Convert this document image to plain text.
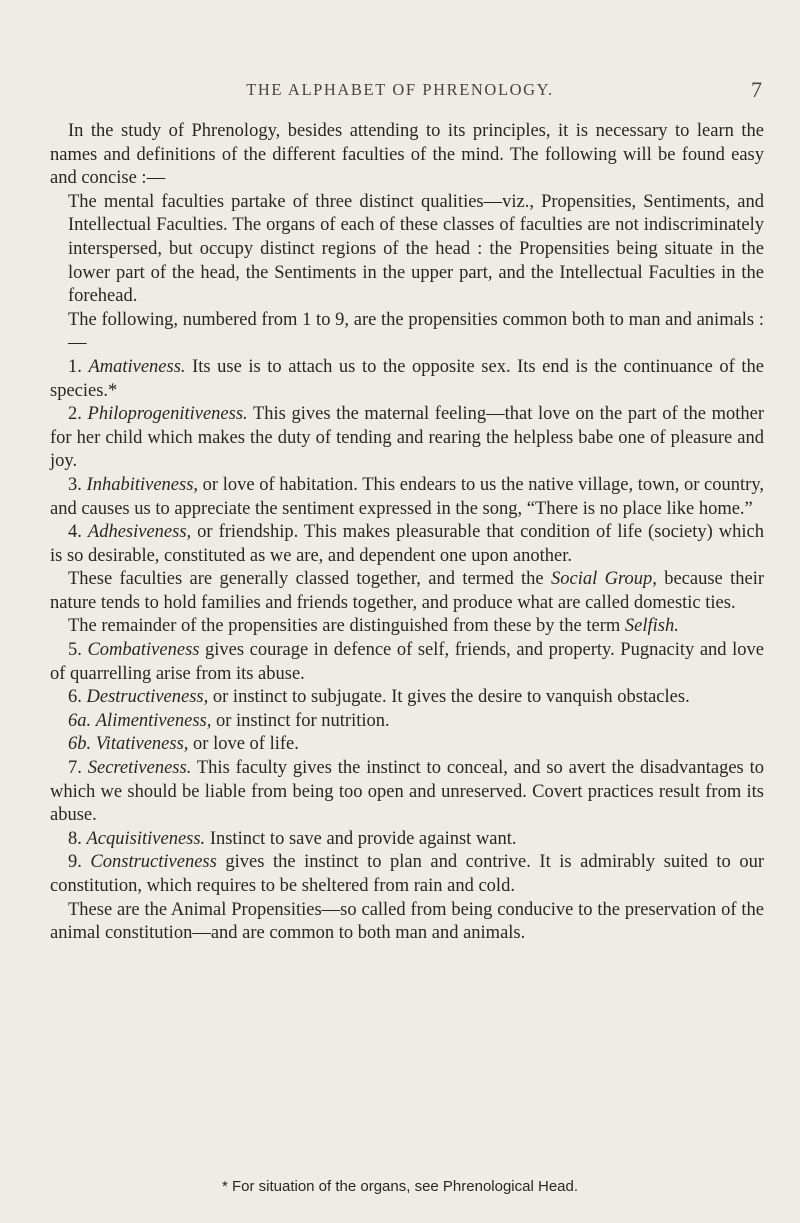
THE ALPHABET OF PHRENOLOGY.	7

In the study of Phrenology, besides attending to its principles, it is necessary to learn the names and definitions of the different faculties of the mind. The following will be found easy and concise :—

The mental faculties partake of three distinct qualities—viz., Propensities, Sentiments, and Intellectual Faculties. The organs of each of these classes of faculties are not indiscriminately interspersed, but occupy distinct regions of the head : the Propensities being situate in the lower part of the head, the Sentiments in the upper part, and the Intellectual Faculties in the forehead.

The following, numbered from 1 to 9, are the propensities common both to man and animals :—

1. Amativeness. Its use is to attach us to the opposite sex. Its end is the continuance of the species.*

2. Philoprogenitiveness. This gives the maternal feeling—that love on the part of the mother for her child which makes the duty of tending and rearing the helpless babe one of pleasure and joy.

3. Inhabitiveness, or love of habitation. This endears to us the native village, town, or country, and causes us to appreciate the sentiment expressed in the song, “There is no place like home.”

4. Adhesiveness, or friendship. This makes pleasurable that condition of life (society) which is so desirable, constituted as we are, and dependent one upon another.

These faculties are generally classed together, and termed the Social Group, because their nature tends to hold families and friends together, and produce what are called domestic ties.

The remainder of the propensities are distinguished from these by the term Selfish.

5. Combativeness gives courage in defence of self, friends, and property. Pugnacity and love of quarrelling arise from its abuse.

6. Destructiveness, or instinct to subjugate. It gives the desire to vanquish obstacles.

6a. Alimentiveness, or instinct for nutrition.

6b. Vitativeness, or love of life.

7. Secretiveness. This faculty gives the instinct to conceal, and so avert the disadvantages to which we should be liable from being too open and unreserved. Covert practices result from its abuse.

8. Acquisitiveness. Instinct to save and provide against want.

9. Constructiveness gives the instinct to plan and contrive. It is admirably suited to our constitution, which requires to be sheltered from rain and cold.

These are the Animal Propensities—so called from being conducive to the preservation of the animal constitution—and are common to both man and animals.

* For situation of the organs, see Phrenological Head.
